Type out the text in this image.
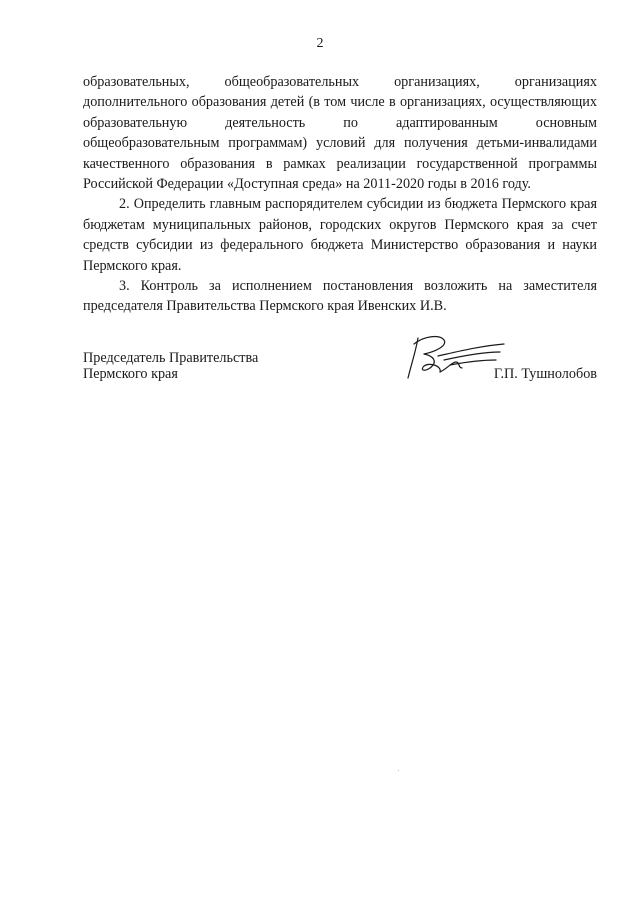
2

образовательных, общеобразовательных организациях, организациях дополнительного образования детей (в том числе в организациях, осуществляющих образовательную деятельность по адаптированным основным общеобразовательным программам) условий для получения детьми-инвалидами качественного образования в рамках реализации государственной программы Российской Федерации «Доступная среда» на 2011-2020 годы в 2016 году.

2. Определить главным распорядителем субсидии из бюджета Пермского края бюджетам муниципальных районов, городских округов Пермского края за счет средств субсидии из федерального бюджета Министерство образования и науки Пермского края.

3. Контроль за исполнением постановления возложить на заместителя председателя Правительства Пермского края Ивенских И.В.

Председатель Правительства
Пермского края	Г.П. Тушнолобов
